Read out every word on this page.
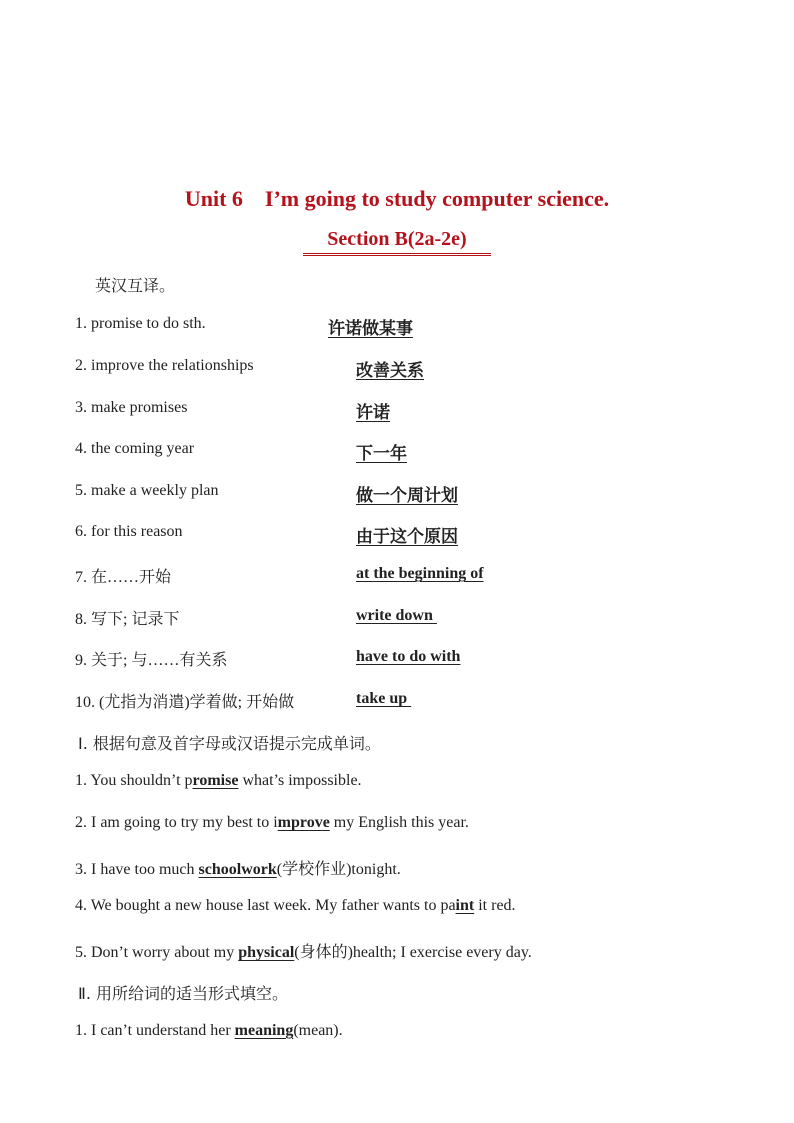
Unit 6    I’m going to study computer science.
Section B(2a-2e)
英汉互译。
1. promise to do sth.	许诺做某事
2. improve the relationships	改善关系
3. make promises	许诺
4. the coming year	下一年
5. make a weekly plan	做一个周计划
6. for this reason	由于这个原因
7. 在……开始	at the beginning of
8. 写下; 记录下	write down
9. 关于; 与……有关系	have to do with
10. (尤指为消遣)学着做; 开始做	take up
Ⅰ. 根据句意及首字母或汉语提示完成单词。
1. You shouldn’t promise what’s impossible.
2. I am going to try my best to improve my English this year.
3. I have too much schoolwork(学校作业)tonight.
4. We bought a new house last week. My father wants to paint it red.
5. Don’t worry about my physical(身体的)health; I exercise every day.
Ⅱ. 用所给词的适当形式填空。
1. I can’t understand her meaning(mean).
